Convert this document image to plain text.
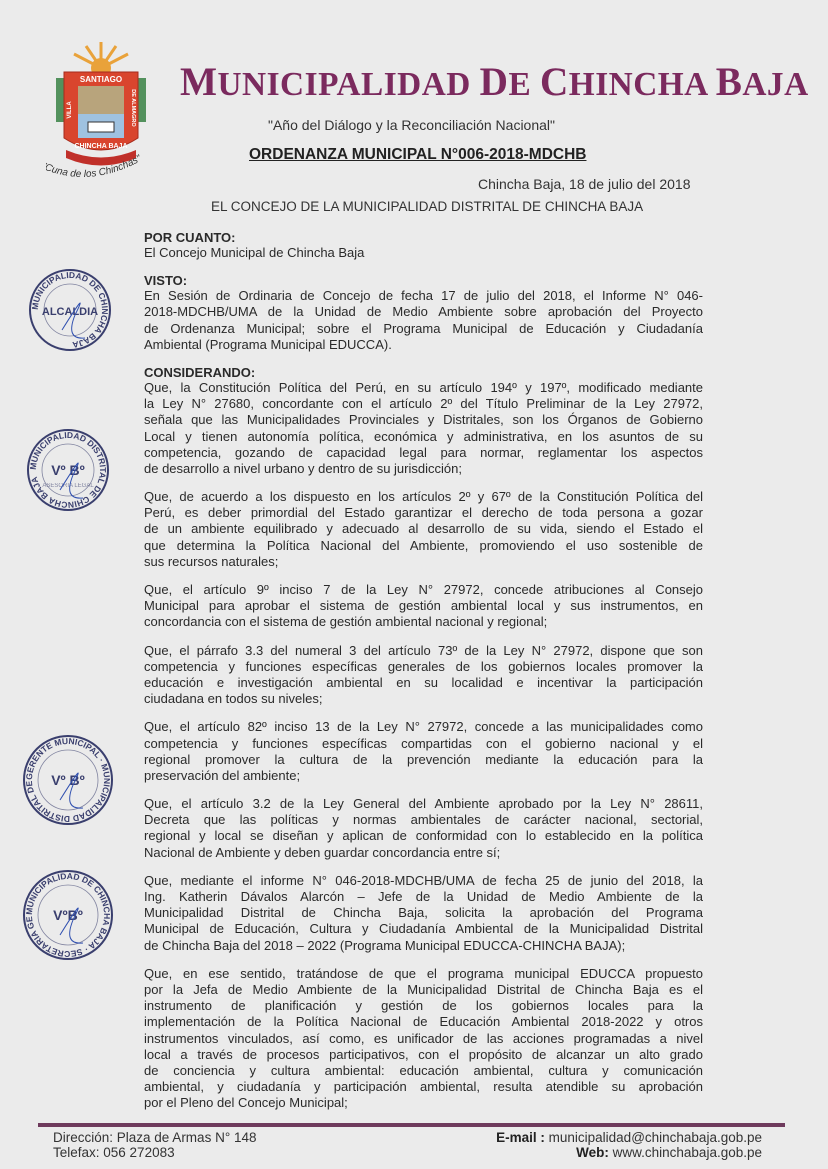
SANTIAGO
CHINCHA BAJA
VILLA	DE ALMAGRO
una de los Chinchas"
MUNICIPALIDAD DE CHINCHA BAJA
"Año del Diálogo y la Reconciliación Nacional"
ORDENANZA MUNICIPAL N°006-2018-MDCHB
Chincha Baja, 18 de julio del 2018
EL CONCEJO DE LA MUNICIPALIDAD DISTRITAL DE CHINCHA BAJA
POR CUANTO:
El Concejo Municipal de Chincha Baja
VISTO:
En Sesión de Ordinaria de Concejo de fecha 17 de julio del 2018, el Informe N° 046-
2018-MDCHB/UMA de la Unidad de Medio Ambiente sobre aprobación del Proyecto
de Ordenanza Municipal; sobre el Programa Municipal de Educación y Ciudadanía
Ambiental (Programa Municipal EDUCCA).
CONSIDERANDO:
Que, la Constitución Política del Perú, en su artículo 194º y 197º, modificado mediante
la Ley N° 27680, concordante con el artículo 2º del Título Preliminar de la Ley 27972,
señala que las Municipalidades Provinciales y Distritales, son los Órganos de Gobierno
Local y tienen autonomía política, económica y administrativa, en los asuntos de su
competencia, gozando de capacidad legal para normar, reglamentar los aspectos
de desarrollo a nivel urbano y dentro de su jurisdicción;
Que, de acuerdo a los dispuesto en los artículos 2º y 67º de la Constitución Política del
Perú, es deber primordial del Estado garantizar el derecho de toda persona a gozar
de un ambiente equilibrado y adecuado al desarrollo de su vida, siendo el Estado el
que determina la Política Nacional del Ambiente, promoviendo el uso sostenible de
sus recursos naturales;
Que, el artículo 9º inciso 7 de la Ley N° 27972, concede atribuciones al Consejo
Municipal para aprobar el sistema de gestión ambiental local y sus instrumentos, en
concordancia con el sistema de gestión ambiental nacional y regional;
Que, el párrafo 3.3 del numeral 3 del artículo 73º de la Ley N° 27972, dispone que son
competencia y funciones específicas generales de los gobiernos locales promover la
educación e investigación ambiental en su localidad e incentivar la participación
ciudadana en todos su niveles;
Que, el artículo 82º inciso 13 de la Ley N° 27972, concede a las municipalidades como
competencia y funciones específicas compartidas con el gobierno nacional y el
regional promover la cultura de la prevención mediante la educación para la
preservación del ambiente;
Que, el artículo 3.2 de la Ley General del Ambiente aprobado por la Ley N° 28611,
Decreta que las políticas y normas ambientales de carácter nacional, sectorial,
regional y local se diseñan y aplican de conformidad con lo establecido en la política
Nacional de Ambiente y deben guardar concordancia entre sí;
Que, mediante el informe N° 046-2018-MDCHB/UMA de fecha 25 de junio del 2018, la
Ing. Katherin Dávalos Alarcón – Jefe de la Unidad de Medio Ambiente de la
Municipalidad Distrital de Chincha Baja, solicita la aprobación del Programa
Municipal de Educación, Cultura y Ciudadanía Ambiental de la Municipalidad Distrital
de Chincha Baja del 2018 – 2022 (Programa Municipal EDUCCA-CHINCHA BAJA);
Que, en ese sentido, tratándose de que el programa municipal EDUCCA propuesto
por la Jefa de Medio Ambiente de la Municipalidad Distrital de Chincha Baja es el
instrumento de planificación y gestión de los gobiernos locales para la
implementación de la Política Nacional de Educación Ambiental 2018-2022 y otros
instrumentos vinculados, así como, es unificador de las acciones programadas a nivel
local a través de procesos participativos, con el propósito de alcanzar un alto grado
de conciencia y cultura ambiental: educación ambiental, cultura y comunicación
ambiental, y ciudadanía y participación ambiental, resulta atendible su aprobación
por el Pleno del Concejo Municipal;
MUNICIPALIDAD DE CHINCHA BAJA
ALCALDIA
MUNICIPALIDAD DISTRITAL DE CHINCHA BAJA
Vº Bº
ASESORIA LEGAL
GERENTE MUNICIPAL · MUNICIPALIDAD DISTRITAL DE	Vº Bº
MUNICIPALIDAD DE CHINCHA BAJA · SECRETARIA GE	VºBº
Dirección: Plaza de Armas N° 148
Telefax: 056 272083
E-mail : municipalidad@chinchabaja.gob.pe
Web: www.chinchabaja.gob.pe
